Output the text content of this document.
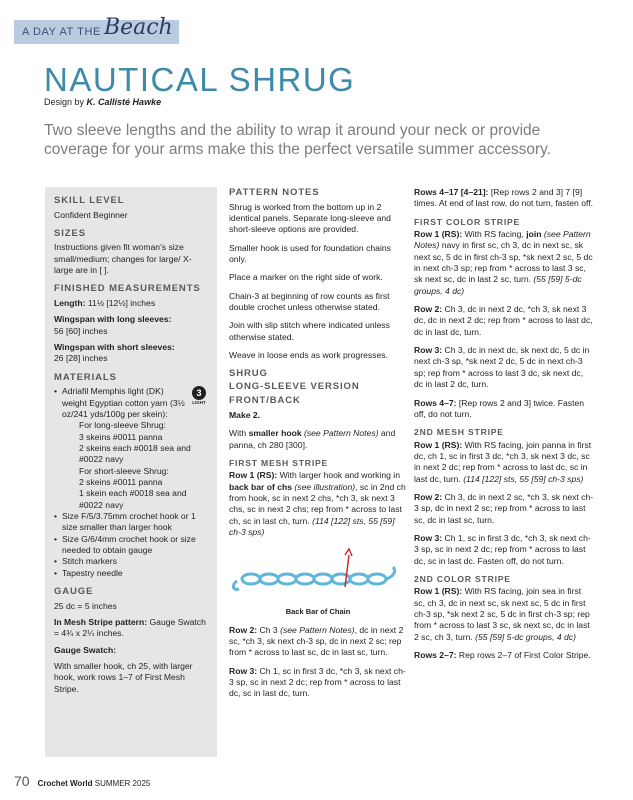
A DAY AT THE Beach
NAUTICAL SHRUG
Design by K. Callisté Hawke
Two sleeve lengths and the ability to wrap it around your neck or provide coverage for your arms make this the perfect versatile summer accessory.
SKILL LEVEL

Confident Beginner

SIZES

Instructions given fit woman’s size small/medium; changes for large/ X-large are in [ ].

FINISHED MEASUREMENTS

Length: 11½ [12½] inches

Wingspan with long sleeves:
56 [60] inches

Wingspan with short sleeves:
26 [28] inches

MATERIALS
• 3
LIGHT
Adriafil Memphis light (DK) weight Egyptian cotton yarn (3½ oz/241 yds/100g per skein):
For long-sleeve Shrug:
3 skeins #0011 panna
2 skeins each #0018 sea and #0022 navy
For short-sleeve Shrug:
2 skeins #0011 panna
1 skein each #0018 sea and #0022 navy
• Size F/5/3.75mm crochet hook or 1 size smaller than larger hook
• Size G/6/4mm crochet hook or size needed to obtain gauge
• Stitch markers
• Tapestry needle
GAUGE

25 dc = 5 inches

In Mesh Stripe pattern: Gauge Swatch = 4¾ x 2¼ inches.

Gauge Swatch:

With smaller hook, ch 25, with larger hook, work rows 1–7 of First Mesh Stripe.

PATTERN NOTES

Shrug is worked from the bottom up in 2 identical panels. Separate long-sleeve and short-sleeve options are provided.

Smaller hook is used for foundation chains only.

Place a marker on the right side of work.

Chain-3 at beginning of row counts as first double crochet unless otherwise stated.

Join with slip stitch where indicated unless otherwise stated.

Weave in loose ends as work progresses.

SHRUG
LONG-SLEEVE VERSION
FRONT/BACK

Make 2.

With smaller hook (see Pattern Notes) and panna, ch 280 [300].

FIRST MESH STRIPE

Row 1 (RS): With larger hook and working in back bar of chs (see illustration), sc in 2nd ch from hook, sc in next 2 chs, *ch 3, sk next 3 chs, sc in next 2 chs; rep from * across to last ch, sc in last ch, turn. (114 [122] sts, 55 [59] ch-3 sps)

Back Bar of Chain

Row 2: Ch 3 (see Pattern Notes), dc in next 2 sc, *ch 3, sk next ch-3 sp, dc in next 2 sc; rep from * across to last sc, dc in last sc, turn.

Row 3: Ch 1, sc in first 3 dc, *ch 3, sk next ch-3 sp, sc in next 2 dc; rep from * across to last dc, sc in last dc, turn.

Rows 4–17 [4–21]: [Rep rows 2 and 3] 7 [9] times. At end of last row, do not turn, fasten off.

FIRST COLOR STRIPE

Row 1 (RS): With RS facing, join (see Pattern Notes) navy in first sc, ch 3, dc in next sc, sk next sc, 5 dc in first ch-3 sp, *sk next 2 sc, 5 dc in next ch-3 sp; rep from * across to last 3 sc, sk next sc, dc in last 2 sc, turn. (55 [59] 5-dc groups, 4 dc)

Row 2: Ch 3, dc in next 2 dc, *ch 3, sk next 3 dc, dc in next 2 dc; rep from * across to last dc, dc in last dc, turn.

Row 3: Ch 3, dc in next dc, sk next dc, 5 dc in next ch-3 sp, *sk next 2 dc, 5 dc in next ch-3 sp; rep from * across to last 3 dc, sk next dc, dc in last 2 dc, turn.

Rows 4–7: [Rep rows 2 and 3] twice. Fasten off, do not turn.

2ND MESH STRIPE

Row 1 (RS): With RS facing, join panna in first dc, ch 1, sc in first 3 dc, *ch 3, sk next 3 dc, sc in next 2 dc; rep from * across to last dc, sc in last dc, turn. (114 [122] sts, 55 [59] ch-3 sps)

Row 2: Ch 3, dc in next 2 sc, *ch 3, sk next ch-3 sp, dc in next 2 sc; rep from * across to last sc, dc in last sc, turn.

Row 3: Ch 1, sc in first 3 dc, *ch 3, sk next ch-3 sp, sc in next 2 dc; rep from * across to last dc, sc in last dc. Fasten off, do not turn.

2ND COLOR STRIPE

Row 1 (RS): With RS facing, join sea in first sc, ch 3, dc in next sc, sk next sc, 5 dc in first ch-3 sp, *sk next 2 sc, 5 dc in first ch-3 sp; rep from * across to last 3 sc, sk next sc, dc in last 2 sc, ch 3, turn. (55 [59] 5-dc groups, 4 dc)

Rows 2–7: Rep rows 2–7 of First Color Stripe.

70 Crochet World SUMMER 2025
